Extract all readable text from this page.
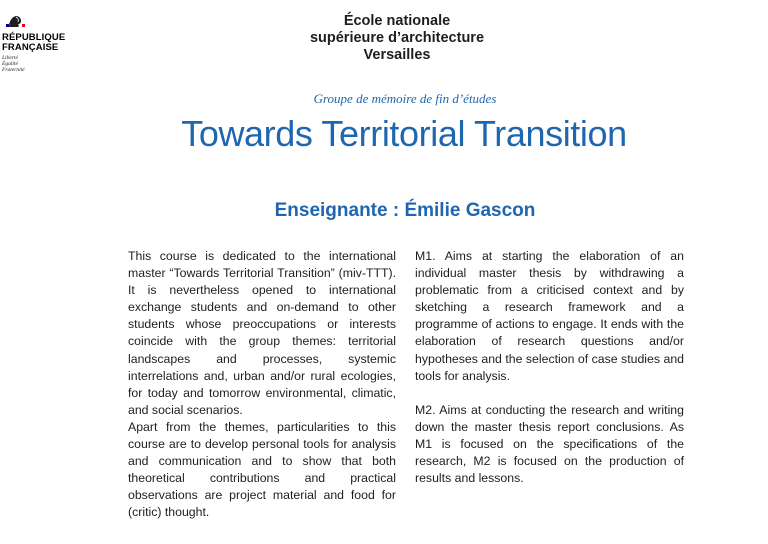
RÉPUBLIQUE
FRANÇAISE
Liberté
Égalité
Fraternité
École nationale
supérieure d’architecture
Versailles
Groupe de mémoire de fin d’études
Towards Territorial Transition
Enseignante : Émilie Gascon

This course is dedicated to the international master “Towards Territorial Transition” (miv-TTT). It is nevertheless opened to international exchange students and on-demand to other students whose preoccupations or interests coincide with the group themes: territorial landscapes and processes, systemic interrelations and, urban and/or rural ecologies, for today and tomorrow environmental, climatic, and social scenarios.

Apart from the themes, particularities to this course are to develop personal tools for analysis and communication and to show that both theoretical contributions and practical observations are project material and food for (critic) thought.

M1. Aims at starting the elaboration of an individual master thesis by withdrawing a problematic from a criticised context and by sketching a research framework and a programme of actions to engage. It ends with the elaboration of research questions and/or hypotheses and the selection of case studies and tools for analysis.

M2. Aims at conducting the research and writing down the master thesis report conclusions. As M1 is focused on the specifications of the research, M2 is focused on the production of results and lessons.
